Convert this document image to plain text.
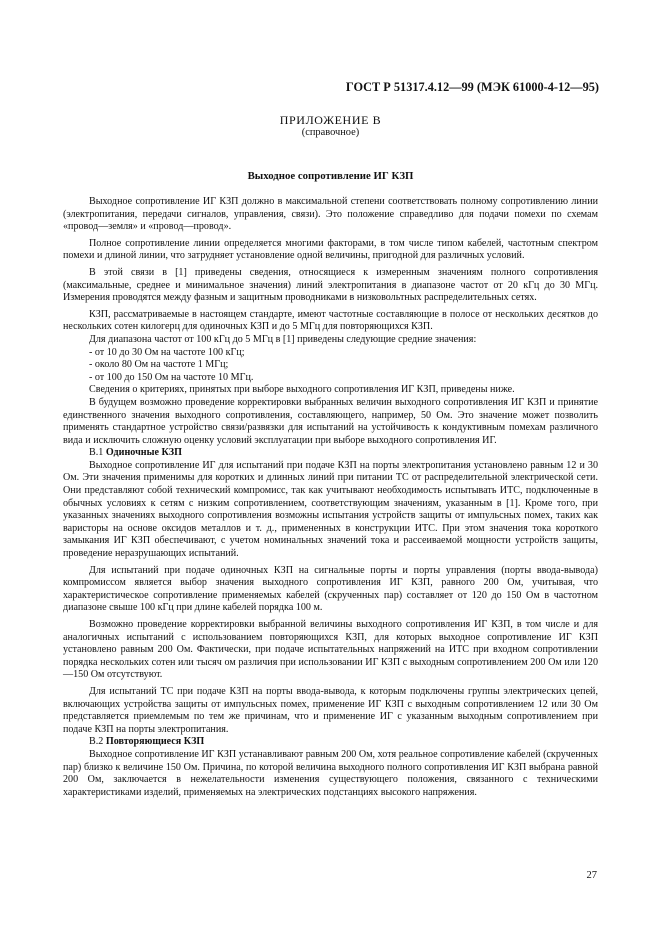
ГОСТ Р 51317.4.12—99 (МЭК 61000-4-12—95)
ПРИЛОЖЕНИЕ В
(справочное)
Выходное сопротивление ИГ КЗП

Выходное сопротивление ИГ КЗП должно в максимальной степени соответствовать полному сопротивлению линии (электропитания, передачи сигналов, управления, связи). Это положение справедливо для подачи помехи по схемам «провод—земля» и «провод—провод».

Полное сопротивление линии определяется многими факторами, в том числе типом кабелей, частотным спектром помехи и длиной линии, что затрудняет установление одной величины, пригодной для различных условий.

В этой связи в [1] приведены сведения, относящиеся к измеренным значениям полного сопротивления (максимальные, среднее и минимальное значения) линий электропитания в диапазоне частот от 20 кГц до 30 МГц. Измерения проводятся между фазным и защитным проводниками в низковольтных распределительных сетях.

КЗП, рассматриваемые в настоящем стандарте, имеют частотные составляющие в полосе от нескольких десятков до нескольких сотен килогерц для одиночных КЗП и до 5 МГц для повторяющихся КЗП.

Для диапазона частот от 100 кГц до 5 МГц в [1] приведены следующие средние значения:

- от 10 до 30 Ом на частоте 100 кГц;

- около 80 Ом на частоте 1 МГц;

- от 100 до 150 Ом на частоте 10 МГц.

Сведения о критериях, принятых при выборе выходного сопротивления ИГ КЗП, приведены ниже.

В будущем возможно проведение корректировки выбранных величин выходного сопротивления ИГ КЗП и принятие единственного значения выходного сопротивления, составляющего, например, 50 Ом. Это значение может позволить применять стандартное устройство связи/развязки для испытаний на устойчивость к кондуктивным помехам различного вида и исключить сложную оценку условий эксплуатации при выборе выходного сопротивления ИГ.

В.1 Одиночные КЗП

Выходное сопротивление ИГ для испытаний при подаче КЗП на порты электропитания установлено равным 12 и 30 Ом. Эти значения применимы для коротких и длинных линий при питании ТС от распределительной электрической сети. Они представляют собой технический компромисс, так как учитывают необходимость испытывать ИТС, подключенные в обычных условиях к сетям с низким сопротивлением, соответствующим значениям, указанным в [1]. Кроме того, при указанных значениях выходного сопротивления возможны испытания устройств защиты от импульсных помех, таких как варисторы на основе оксидов металлов и т. д., примененных в конструкции ИТС. При этом значения тока короткого замыкания ИГ КЗП обеспечивают, с учетом номинальных значений тока и рассеиваемой мощности устройств защиты, проведение неразрушающих испытаний.

Для испытаний при подаче одиночных КЗП на сигнальные порты и порты управления (порты ввода-вывода) компромиссом является выбор значения выходного сопротивления ИГ КЗП, равного 200 Ом, учитывая, что характеристическое сопротивление применяемых кабелей (скрученных пар) составляет от 120 до 150 Ом в частотном диапазоне свыше 100 кГц при длине кабелей порядка 100 м.

Возможно проведение корректировки выбранной величины выходного сопротивления ИГ КЗП, в том числе и для аналогичных испытаний с использованием повторяющихся КЗП, для которых выходное сопротивление ИГ КЗП установлено равным 200 Ом. Фактически, при подаче испытательных напряжений на ИТС при входном сопротивлении порядка нескольких сотен или тысяч ом различия при использовании ИГ КЗП с выходным сопротивлением 200 Ом или 120—150 Ом отсутствуют.

Для испытаний ТС при подаче КЗП на порты ввода-вывода, к которым подключены группы электрических цепей, включающих устройства защиты от импульсных помех, применение ИГ КЗП с выходным сопротивлением 12 или 30 Ом представляется приемлемым по тем же причинам, что и применение ИГ с указанным выходным сопротивлением при подаче КЗП на порты электропитания.

В.2 Повторяющиеся КЗП

Выходное сопротивление ИГ КЗП устанавливают равным 200 Ом, хотя реальное сопротивление кабелей (скрученных пар) близко к величине 150 Ом. Причина, по которой величина выходного полного сопротивления ИГ КЗП выбрана равной 200 Ом, заключается в нежелательности изменения существующего положения, связанного с техническими характеристиками изделий, применяемых на электрических подстанциях высокого напряжения.

27
